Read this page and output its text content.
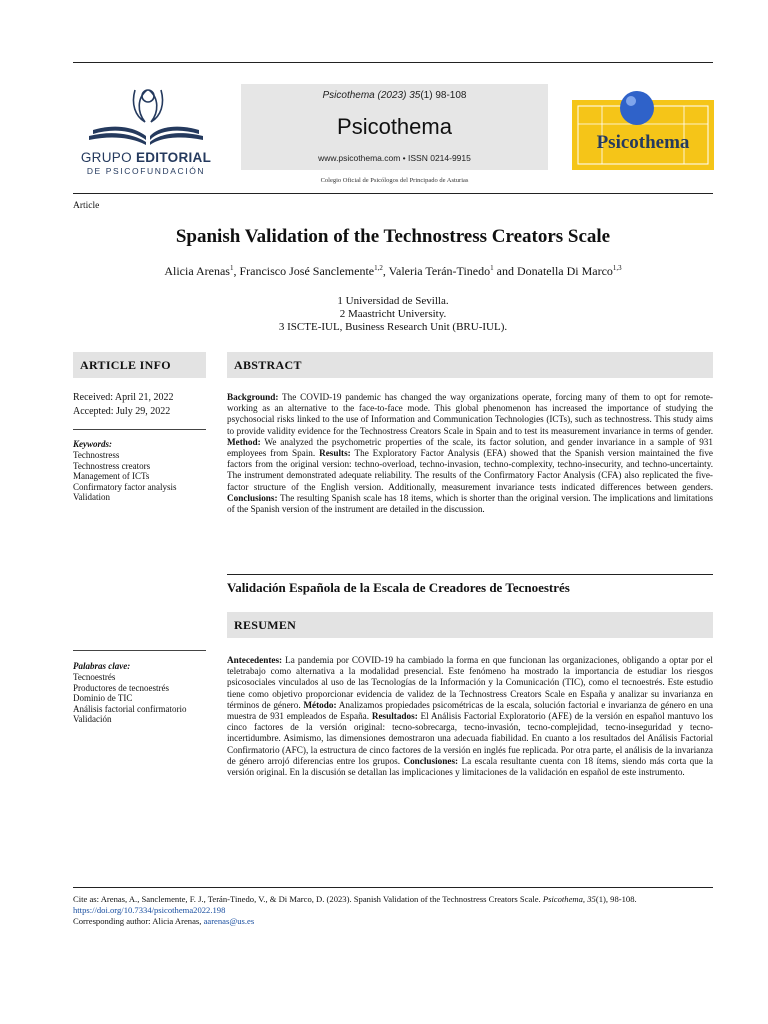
GRUPO EDITORIAL
DE PSICOFUNDACIÓN
Psicothema (2023) 35(1) 98-108
Psicothema
www.psicothema.com • ISSN 0214-9915
Colegio Oficial de Psicólogos del Principado de Asturias
Psicothema
Article
Spanish Validation of the Technostress Creators Scale
Alicia Arenas$^1$, Francisco José Sanclemente$^{1,2}$, Valeria Terán-Tinedo$^1$ and Donatella Di Marco$^{1,3}$
1 Universidad de Sevilla.
2 Maastricht University.
3 ISCTE-IUL, Business Research Unit (BRU-IUL).
ARTICLE INFO	ABSTRACT
Received: April 21, 2022
Accepted: July 29, 2022
Keywords:
Technostress
Technostress creators
Management of ICTs
Confirmatory factor analysis
Validation
Background: The COVID-19 pandemic has changed the way organizations operate, forcing many of them to opt for remote-working as an alternative to the face-to-face mode. This global phenomenon has increased the importance of studying the psychosocial risks linked to the use of Information and Communication Technologies (ICTs), such as technostress. This study aims to provide validity evidence for the Technostress Creators Scale in Spain and to test its measurement invariance in terms of gender. Method: We analyzed the psychometric properties of the scale, its factor solution, and gender invariance in a sample of 931 employees from Spain. Results: The Exploratory Factor Analysis (EFA) showed that the Spanish version maintained the five factors from the original version: techno-overload, techno-invasion, techno-complexity, techno-insecurity, and techno-uncertainty. The instrument demonstrated adequate reliability. The results of the Confirmatory Factor Analysis (CFA) also replicated the five-factor structure of the English version. Additionally, measurement invariance tests indicated differences between genders. Conclusions: The resulting Spanish scale has 18 items, which is shorter than the original version. The implications and limitations of the Spanish version of the instrument are detailed in the discussion.
Validación Española de la Escala de Creadores de Tecnoestrés
RESUMEN
Palabras clave:
Tecnoestrés
Productores de tecnoestrés
Dominio de TIC
Análisis factorial confirmatorio
Validación
Antecedentes: La pandemia por COVID-19 ha cambiado la forma en que funcionan las organizaciones, obligando a optar por el teletrabajo como alternativa a la modalidad presencial. Este fenómeno ha mostrado la importancia de estudiar los riesgos psicosociales vinculados al uso de las Tecnologías de la Información y la Comunicación (TIC), como el tecnoestrés. Este estudio tiene como objetivo proporcionar evidencia de validez de la Technostress Creators Scale en España y analizar su invarianza en términos de género. Método: Analizamos propiedades psicométricas de la escala, solución factorial e invarianza de género en una muestra de 931 empleados de España. Resultados: El Análisis Factorial Exploratorio (AFE) de la versión en español mantuvo los cinco factores de la versión original: tecno-sobrecarga, tecno-invasión, tecno-complejidad, tecno-inseguridad y tecno-incertidumbre. Asimismo, las dimensiones demostraron una adecuada fiabilidad. En cuanto a los resultados del Análisis Factorial Confirmatorio (AFC), la estructura de cinco factores de la versión en inglés fue replicada. Por otra parte, el análisis de la invarianza de género arrojó diferencias entre los grupos. Conclusiones: La escala resultante cuenta con 18 ítems, siendo más corta que la versión original. En la discusión se detallan las implicaciones y limitaciones de la validación en español de este instrumento.
Cite as: Arenas, A., Sanclemente, F. J., Terán-Tinedo, V., & Di Marco, D. (2023). Spanish Validation of the Technostress Creators Scale. Psicothema, 35(1), 98-108. https://doi.org/10.7334/psicothema2022.198
Corresponding author: Alicia Arenas, aarenas@us.es
